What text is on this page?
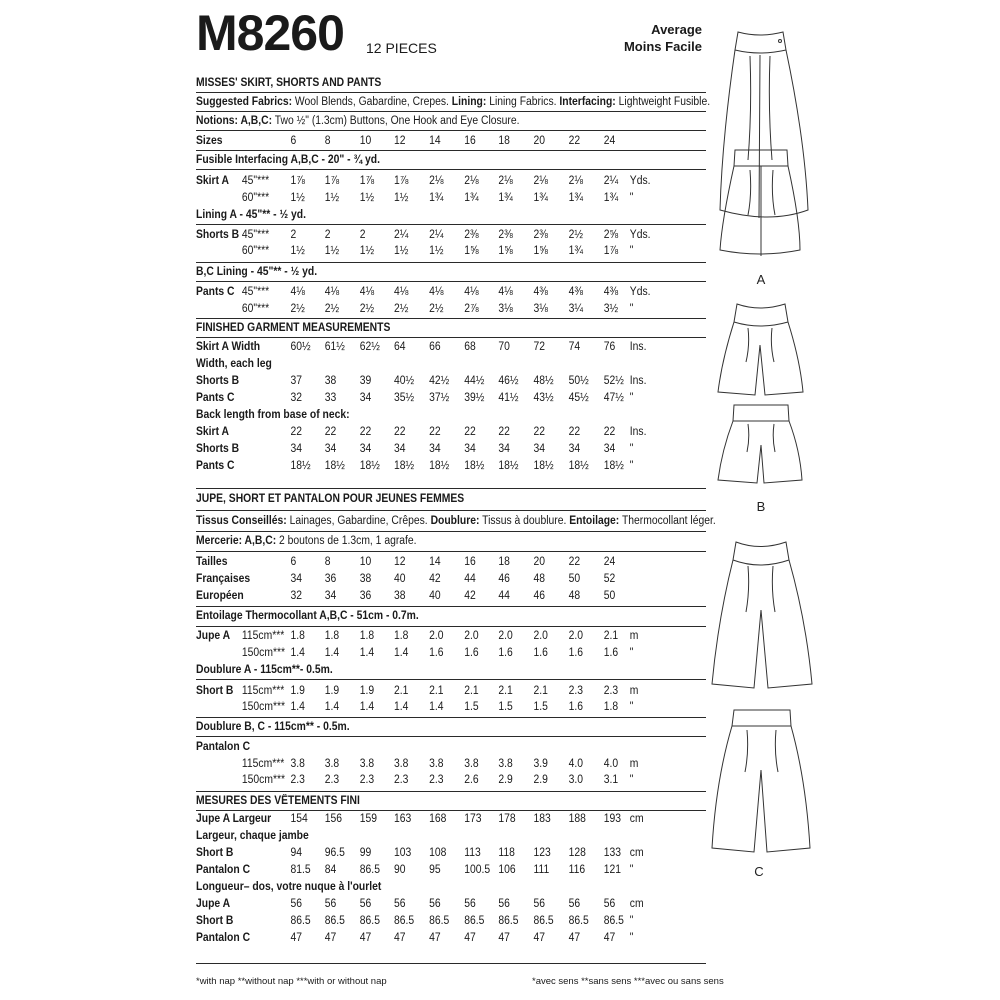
M8260 12 PIECES
Average
Moins Facile
MISSES' SKIRT, SHORTS AND PANTS
Suggested Fabrics: Wool Blends, Gabardine, Crepes. Lining: Lining Fabrics. Interfacing: Lightweight Fusible.
Notions: A,B,C: Two ½" (1.3cm) Buttons, One Hook and Eye Closure.
Sizes	6 8	10 12 14 16 18 20 22 24
Fusible Interfacing A,B,C - 20" - ¾ yd.
Skirt A 45"*** 1⅞ 1⅞ 1⅞ 1⅞ 2⅛ 2⅛ 2⅛ 2⅛ 2⅛ 2¼ Yds.
60"*** 1½ 1½ 1½ 1½ 1¾ 1¾ 1¾ 1¾ 1¾ 1¾ "
Lining A - 45"** - ½ yd.
Shorts B 45"*** 2 2	2 2¼ 2¼ 2⅜ 2⅜ 2⅜ 2½ 2⅝ Yds.
60"*** 1½ 1½ 1½ 1½ 1½ 1⅝ 1⅝ 1⅝ 1¾ 1⅞ "
B,C Lining - 45"** - ½ yd.
Pants C 45"*** 4⅛ 4⅛ 4⅛ 4⅛ 4⅛ 4⅛ 4⅛ 4⅜ 4⅜ 4⅜ Yds.
60"*** 2½ 2½ 2½ 2½ 2½ 2⅞ 3⅛ 3⅛ 3¼ 3½ "
FINISHED GARMENT MEASUREMENTS
Skirt A Width	60½ 61½ 62½ 64 66 68 70 72 74 76 Ins.
Width, each leg
Shorts B	37 38 39 40½ 42½ 44½ 46½ 48½ 50½ 52½ Ins.
Pants C	32 33 34 35½ 37½ 39½ 41½ 43½ 45½ 47½ "
Back length from base of neck:
Skirt A	22 22 22 22 22 22 22 22 22 22 Ins.
Shorts B	34 34 34 34 34 34 34 34 34 34 "
Pants C	18½ 18½ 18½ 18½ 18½ 18½ 18½ 18½ 18½ 18½ "
JUPE, SHORT ET PANTALON POUR JEUNES FEMMES
Tissus Conseillés: Lainages, Gabardine, Crêpes. Doublure: Tissus à doublure. Entoilage: Thermocollant léger.
Mercerie: A,B,C: 2 boutons de 1.3cm, 1 agrafe.
Tailles	6 8	10 12 14 16 18 20 22 24
Françaises	34 36 38 40 42 44 46 48 50 52
Européen	32 34 36 38 40 42 44 46 48 50
Entoilage Thermocollant A,B,C - 51cm - 0.7m.
Jupe A 115cm*** 1.8 1.8 1.8 1.8 2.0 2.0 2.0 2.0 2.0 2.1 m
150cm*** 1.4 1.4 1.4 1.4 1.6 1.6 1.6 1.6 1.6 1.6 "
Doublure A - 115cm**- 0.5m.
Short B 115cm*** 1.9 1.9 1.9 2.1 2.1 2.1 2.1 2.1 2.3 2.3 m
150cm*** 1.4 1.4 1.4 1.4 1.4 1.5 1.5 1.5 1.6 1.8 "
Doublure B, C - 115cm** - 0.5m.
Pantalon C
115cm*** 3.8 3.8 3.8 3.8 3.8 3.8 3.8 3.9 4.0 4.0 m
150cm*** 2.3 2.3 2.3 2.3 2.3 2.6 2.9 2.9 3.0 3.1 "
MESURES DES VÊTEMENTS FINI
Jupe A Largeur 154 156 159 163 168 173 178 183 188 193 cm
Largeur, chaque jambe
Short B	94 96.5 99 103 108 113 118 123 128 133 cm
Pantalon C	81.5 84 86.5 90 95 100.5 106 111 116 121 "
Longueur– dos, votre nuque à l'ourlet
Jupe A	56 56 56 56 56 56 56 56 56 56 cm
Short B	86.5 86.5 86.5 86.5 86.5 86.5 86.5 86.5 86.5 86.5 "
Pantalon C	47 47 47 47 47 47 47 47 47 47 "
*with nap **without nap ***with or without nap	*avec sens **sans sens ***avec ou sans sens
A
B
C
